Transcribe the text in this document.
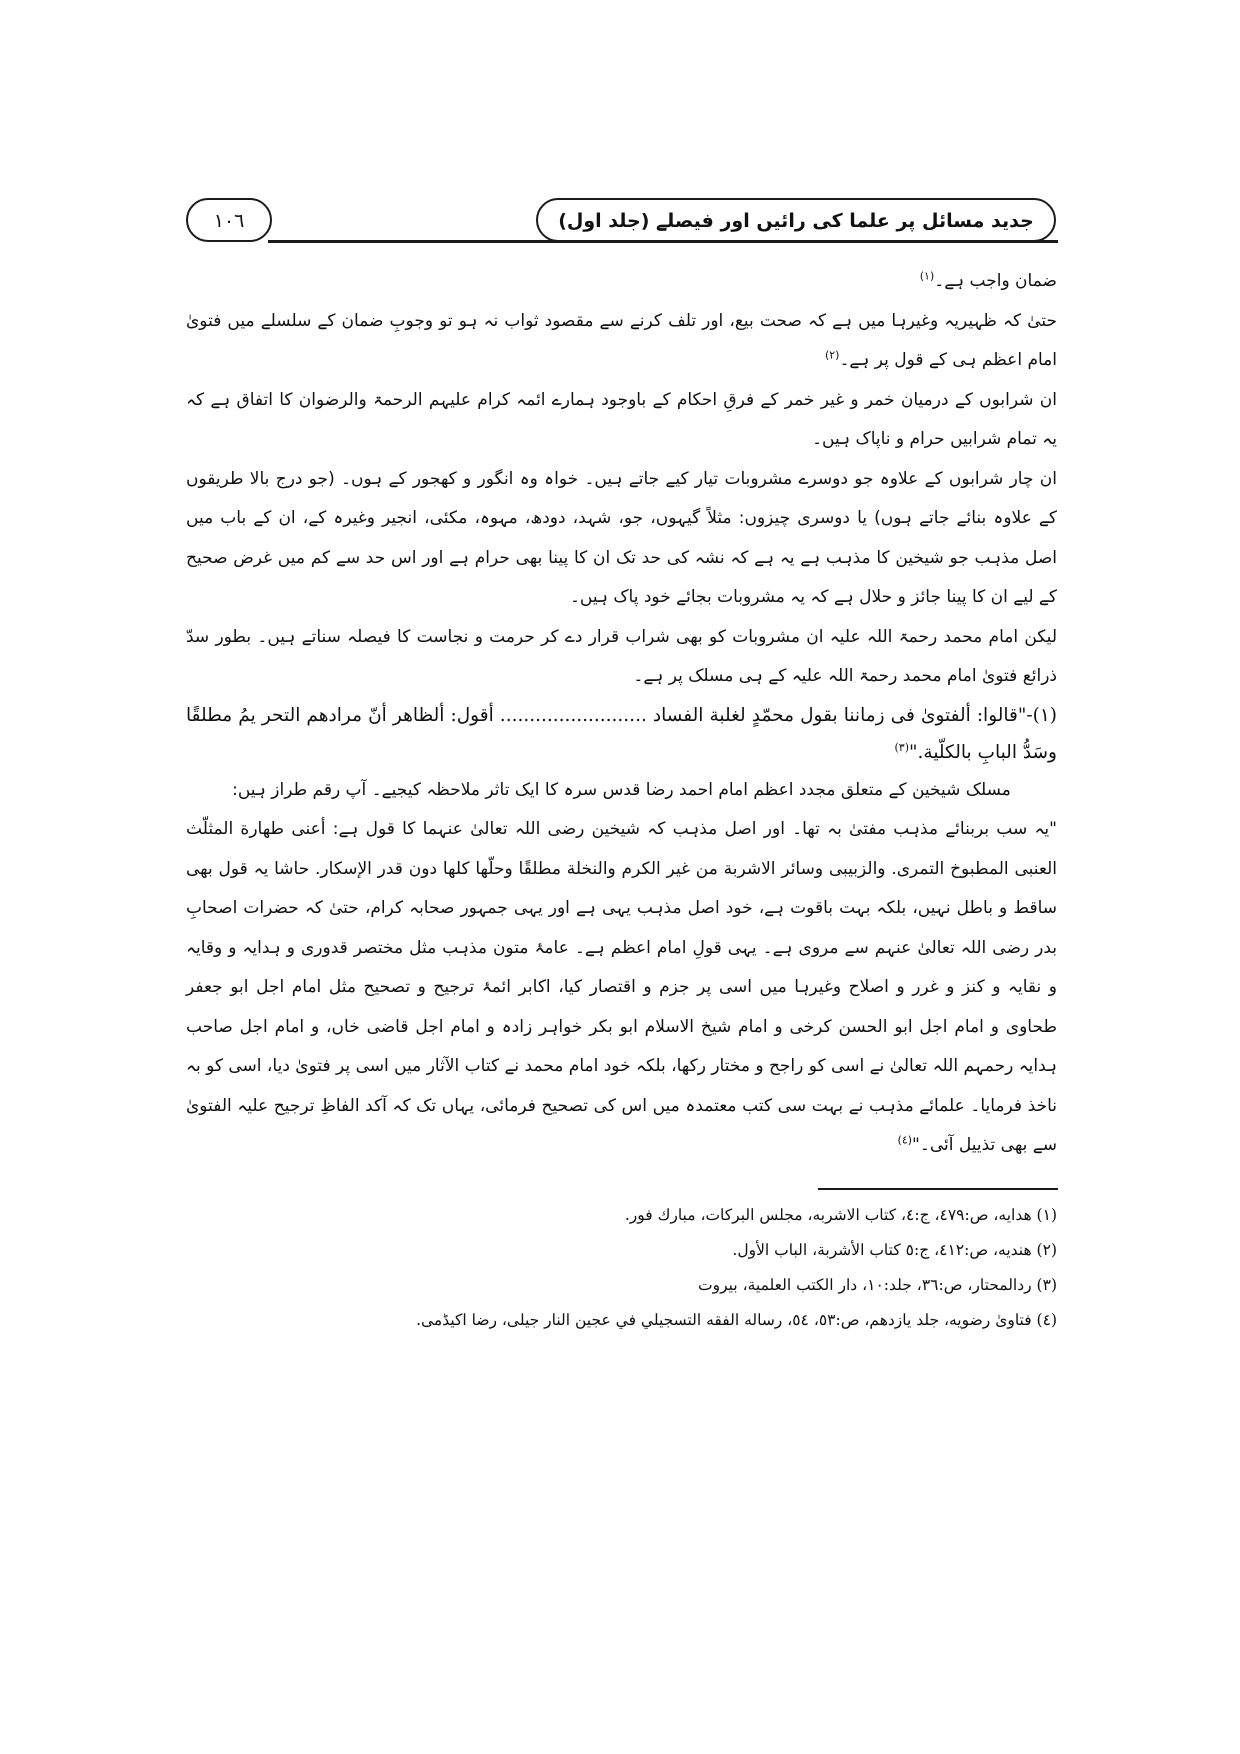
جدید مسائل پر علما کی رائیں اور فیصلے (جلد اول)
١٠٦

ضمان واجب ہے۔$^{(١)}$

حتیٰ کہ ظہیریہ وغیرہا میں ہے کہ صحت بیع، اور تلف کرنے سے مقصود ثواب نہ ہو تو وجوبِ ضمان کے سلسلے میں فتویٰ امام اعظم ہی کے قول پر ہے۔$^{(٢)}$

ان شرابوں کے درمیان خمر و غیر خمر کے فرقِ احکام کے باوجود ہمارے ائمہ کرام علیہم الرحمۃ والرضوان کا اتفاق ہے کہ یہ تمام شرابیں حرام و ناپاک ہیں۔

ان چار شرابوں کے علاوہ جو دوسرے مشروبات تیار کیے جاتے ہیں۔ خواہ وہ انگور و کھجور کے ہوں۔ (جو درج بالا طریقوں کے علاوہ بنائے جاتے ہوں) یا دوسری چیزوں: مثلاً گیہوں، جو، شہد، دودھ، مہوہ، مکئی، انجیر وغیرہ کے، ان کے باب میں اصل مذہب جو شیخین کا مذہب ہے یہ ہے کہ نشہ کی حد تک ان کا پینا بھی حرام ہے اور اس حد سے کم میں غرض صحیح کے لیے ان کا پینا جائز و حلال ہے کہ یہ مشروبات بجائے خود پاک ہیں۔

لیکن امام محمد رحمۃ اللہ علیہ ان مشروبات کو بھی شراب قرار دے کر حرمت و نجاست کا فیصلہ سناتے ہیں۔ بطور سدّ ذرائع فتویٰ امام محمد رحمۃ اللہ علیہ کے ہی مسلک پر ہے۔

(١)-"قالوا: ألفتویٰ فی زماننا بقول محمّدٍ لغلبة الفساد ......................... أقول: ألظاهر أنّ مرادهم التحر یمُ مطلقًا وسَدُّ البابِ بالکلّیة."$^{(٣)}$

مسلک شیخین کے متعلق مجدد اعظم امام احمد رضا قدس سرہ کا ایک تاثر ملاحظہ کیجیے۔ آپ رقم طراز ہیں:

"یہ سب بربنائے مذہب مفتیٰ بہ تھا۔ اور اصل مذہب کہ شیخین رضی اللہ تعالیٰ عنہما کا قول ہے: أعنی طهارة المثلّث العنبی المطبوخ التمری. والزبیبی وسائر الاشربة من غیر الکرم والنخلة مطلقًا وحلّها کلها دون قدر الإسکار. حاشا یہ قول بھی ساقط و باطل نہیں، بلکہ بہت باقوت ہے، خود اصل مذہب یہی ہے اور یہی جمہور صحابہ کرام، حتیٰ کہ حضرات اصحابِ بدر رضی اللہ تعالیٰ عنہم سے مروی ہے۔ یہی قولِ امام اعظم ہے۔ عامۂ متون مذہب مثل مختصر قدوری و ہدایہ و وقایہ و نقایہ و کنز و غرر و اصلاح وغیرہا میں اسی پر جزم و اقتصار کیا، اکابر ائمۂ ترجیح و تصحیح مثل امام اجل ابو جعفر طحاوی و امام اجل ابو الحسن کرخی و امام شیخ الاسلام ابو بکر خواہر زادہ و امام اجل قاضی خاں، و امام اجل صاحب ہدایہ رحمہم اللہ تعالیٰ نے اسی کو راجح و مختار رکھا، بلکہ خود امام محمد نے کتاب الآثار میں اسی پر فتویٰ دیا، اسی کو بہ ناخذ فرمایا۔ علمائے مذہب نے بہت سی کتب معتمدہ میں اس کی تصحیح فرمائی، یہاں تک کہ آکد الفاظِ ترجیح علیہ الفتویٰ سے بھی تذییل آئی۔"$^{(٤)}$

(١) هدایه، ص:٤٧٩، ج:٤، کتاب الاشربه، مجلس البرکات، مبارك فور.

(٢) هندیه، ص:٤١٢، ج:٥ کتاب الأشربة، الباب الأول.

(٣) ردالمحتار، ص:٣٦، جلد:١٠، دار الکتب العلمیة، بیروت

(٤) فتاویٰ رضویه، جلد یازدهم، ص:٥٣، ٥٤، رساله الفقه التسجیلي في عجین النار جیلی، رضا اکیڈمی.
